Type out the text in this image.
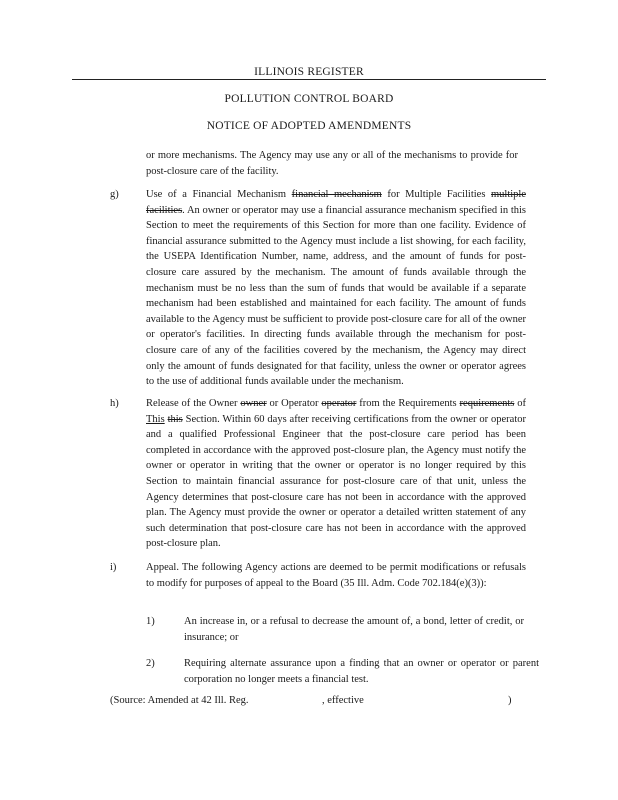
ILLINOIS REGISTER
POLLUTION CONTROL BOARD
NOTICE OF ADOPTED AMENDMENTS
or more mechanisms. The Agency may use any or all of the mechanisms to provide for post-closure care of the facility.
g)	Use of a Financial Mechanism financial mechanism for Multiple Facilities multiple facilities. An owner or operator may use a financial assurance mechanism specified in this Section to meet the requirements of this Section for more than one facility. Evidence of financial assurance submitted to the Agency must include a list showing, for each facility, the USEPA Identification Number, name, address, and the amount of funds for post-closure care assured by the mechanism. The amount of funds available through the mechanism must be no less than the sum of funds that would be available if a separate mechanism had been established and maintained for each facility. The amount of funds available to the Agency must be sufficient to provide post-closure care for all of the owner or operator's facilities. In directing funds available through the mechanism for post-closure care of any of the facilities covered by the mechanism, the Agency may direct only the amount of funds designated for that facility, unless the owner or operator agrees to the use of additional funds available under the mechanism.
h)	Release of the Owner owner or Operator operator from the Requirements requirements of This this Section. Within 60 days after receiving certifications from the owner or operator and a qualified Professional Engineer that the post-closure care period has been completed in accordance with the approved post-closure plan, the Agency must notify the owner or operator in writing that the owner or operator is no longer required by this Section to maintain financial assurance for post-closure care of that unit, unless the Agency determines that post-closure care has not been in accordance with the approved plan. The Agency must provide the owner or operator a detailed written statement of any such determination that post-closure care has not been in accordance with the approved post-closure plan.
i)	Appeal. The following Agency actions are deemed to be permit modifications or refusals to modify for purposes of appeal to the Board (35 Ill. Adm. Code 702.184(e)(3)):
1)	An increase in, or a refusal to decrease the amount of, a bond, letter of credit, or insurance; or
2)	Requiring alternate assurance upon a finding that an owner or operator or parent corporation no longer meets a financial test.
(Source: Amended at 42 Ill. Reg.	, effective	)
